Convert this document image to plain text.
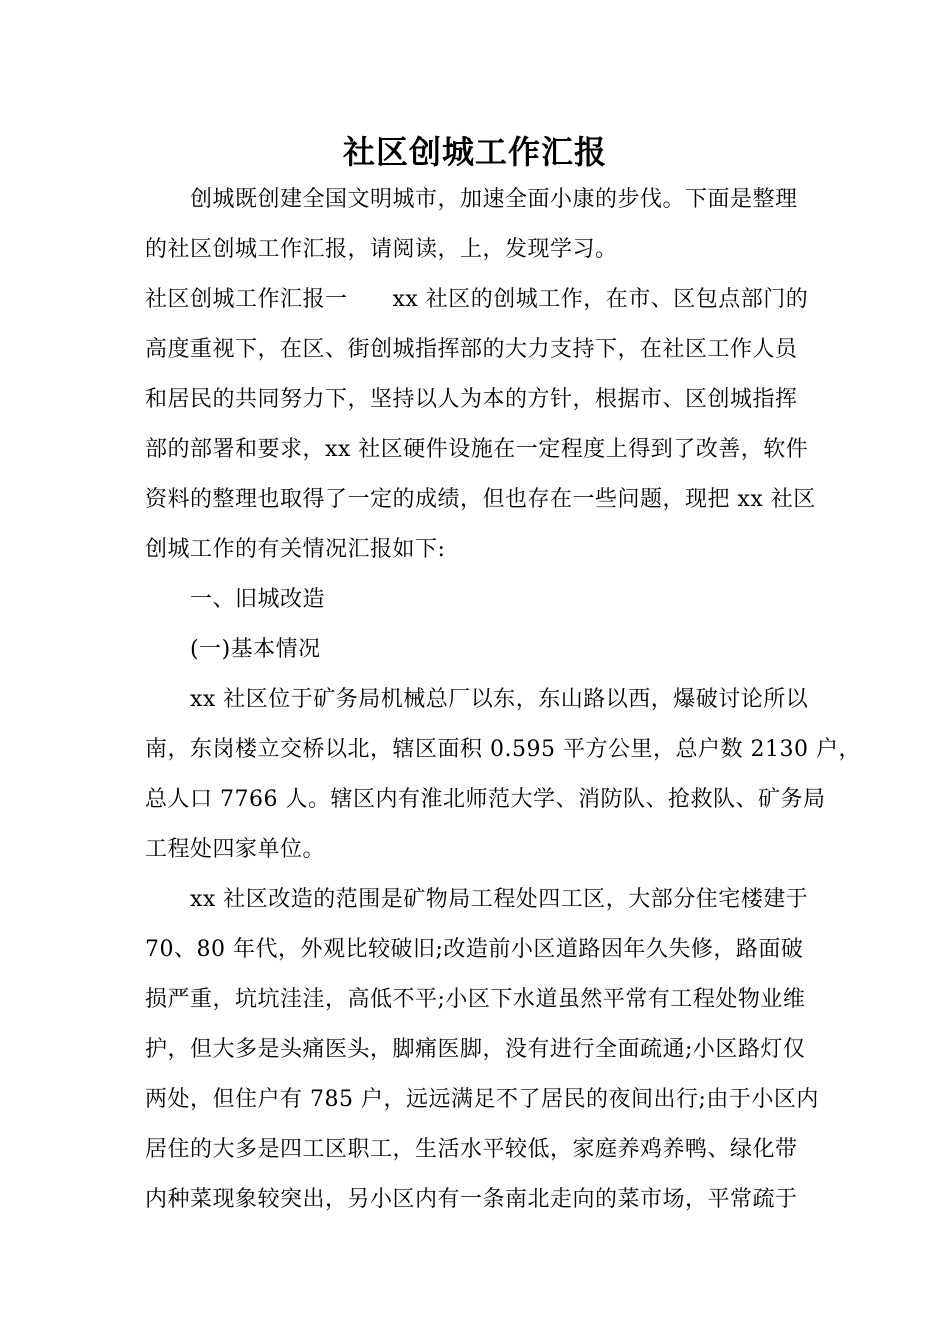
社区创城工作汇报
创城既创建全国文明城市，加速全面小康的步伐。下面是整理
的社区创城工作汇报，请阅读，上，发现学习。
社区创城工作汇报一　　xx 社区的创城工作，在市、区包点部门的
高度重视下，在区、街创城指挥部的大力支持下，在社区工作人员
和居民的共同努力下，坚持以人为本的方针，根据市、区创城指挥
部的部署和要求，xx 社区硬件设施在一定程度上得到了改善，软件
资料的整理也取得了一定的成绩，但也存在一些问题，现把 xx 社区
创城工作的有关情况汇报如下:
一、旧城改造
(一)基本情况
xx 社区位于矿务局机械总厂以东，东山路以西，爆破讨论所以
南，东岗楼立交桥以北，辖区面积 0.595 平方公里，总户数 2130 户，
总人口 7766 人。辖区内有淮北师范大学、消防队、抢救队、矿务局
工程处四家单位。
xx 社区改造的范围是矿物局工程处四工区，大部分住宅楼建于
70、80 年代，外观比较破旧;改造前小区道路因年久失修，路面破
损严重，坑坑洼洼，高低不平;小区下水道虽然平常有工程处物业维
护，但大多是头痛医头，脚痛医脚，没有进行全面疏通;小区路灯仅
两处，但住户有 785 户，远远满足不了居民的夜间出行;由于小区内
居住的大多是四工区职工，生活水平较低，家庭养鸡养鸭、绿化带
内种菜现象较突出，另小区内有一条南北走向的菜市场，平常疏于
